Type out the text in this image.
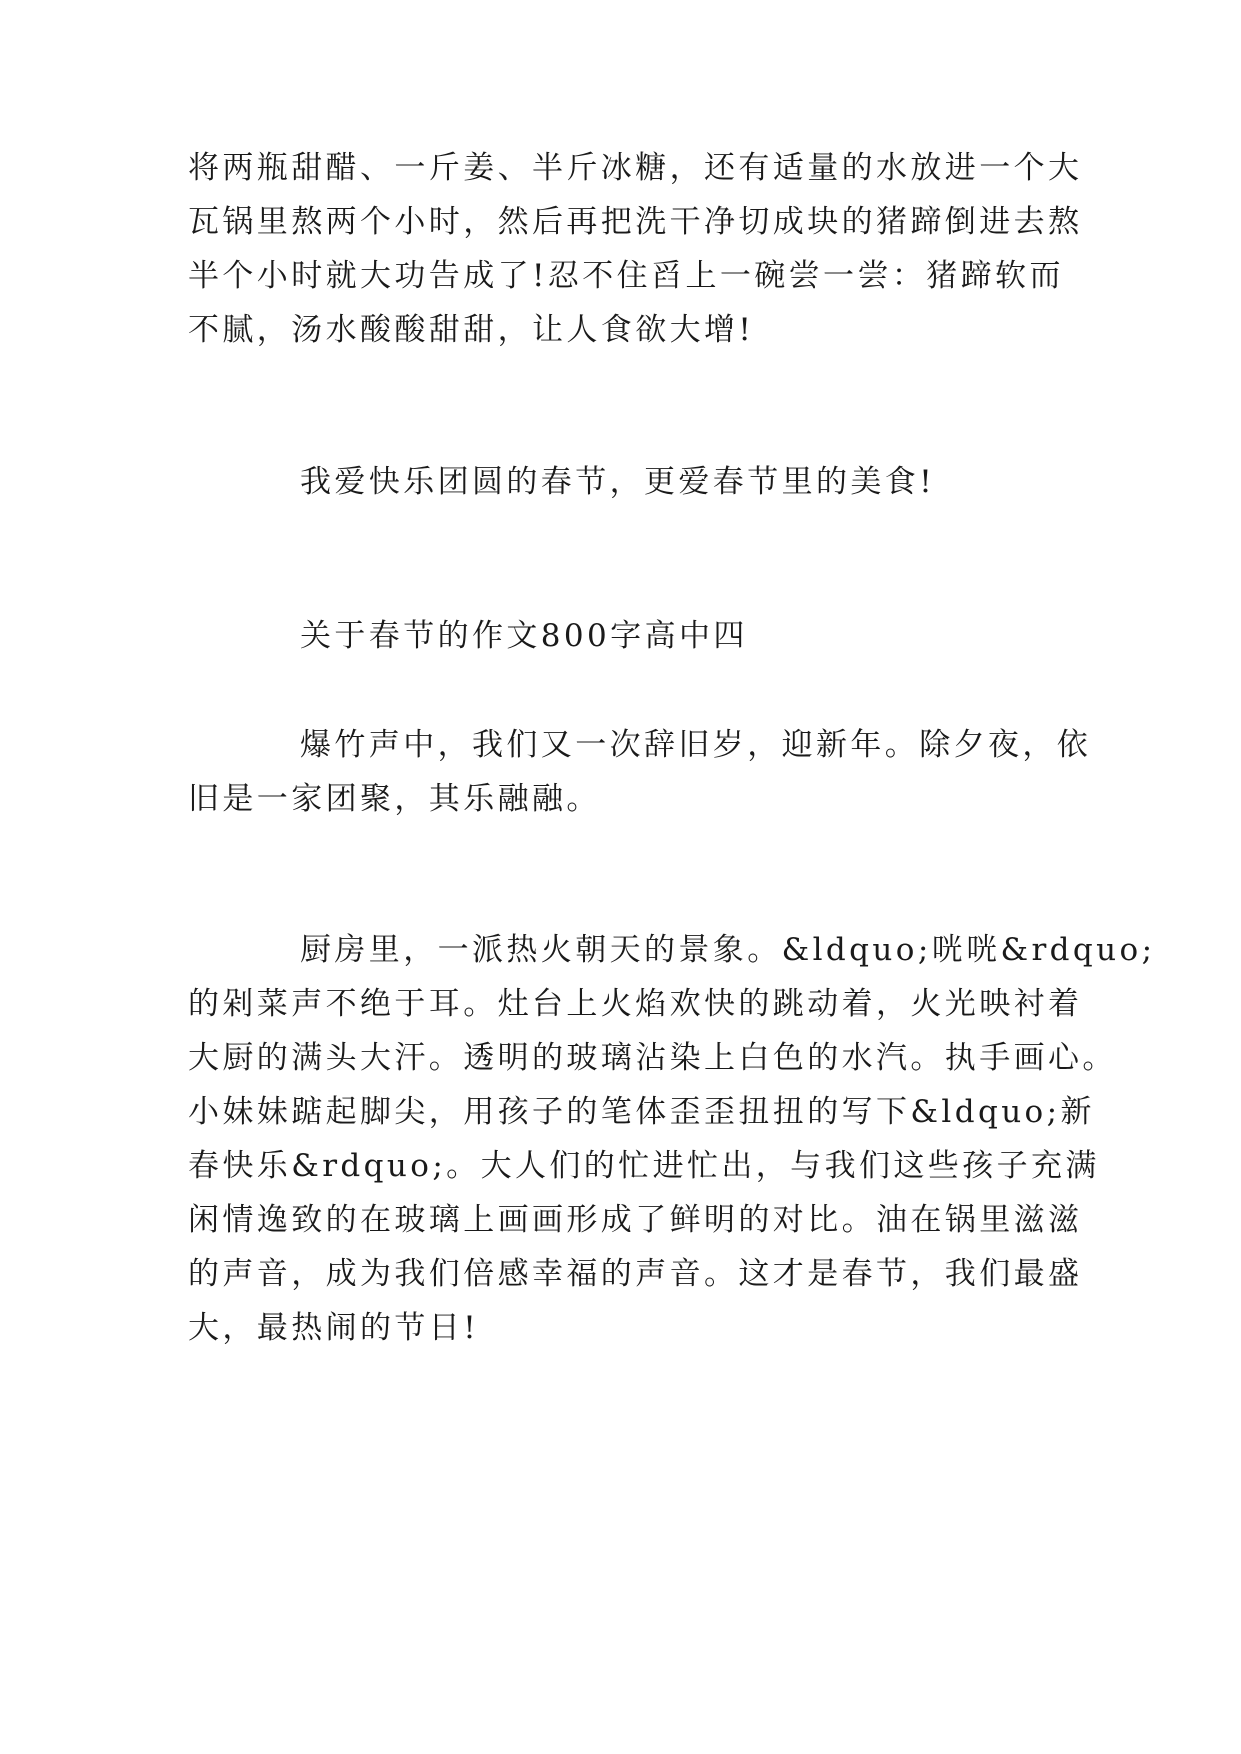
将两瓶甜醋、一斤姜、半斤冰糖，还有适量的水放进一个大
瓦锅里熬两个小时，然后再把洗干净切成块的猪蹄倒进去熬
半个小时就大功告成了!忍不住舀上一碗尝一尝：猪蹄软而
不腻，汤水酸酸甜甜，让人食欲大增!
我爱快乐团圆的春节，更爱春节里的美食!
关于春节的作文800字高中四
爆竹声中，我们又一次辞旧岁，迎新年。除夕夜，依
旧是一家团聚，其乐融融。
厨房里，一派热火朝天的景象。&ldquo;咣咣&rdquo;
的剁菜声不绝于耳。灶台上火焰欢快的跳动着，火光映衬着
大厨的满头大汗。透明的玻璃沾染上白色的水汽。执手画心。
小妹妹踮起脚尖，用孩子的笔体歪歪扭扭的写下&ldquo;新
春快乐&rdquo;。大人们的忙进忙出，与我们这些孩子充满
闲情逸致的在玻璃上画画形成了鲜明的对比。油在锅里滋滋
的声音，成为我们倍感幸福的声音。这才是春节，我们最盛
大，最热闹的节日!
